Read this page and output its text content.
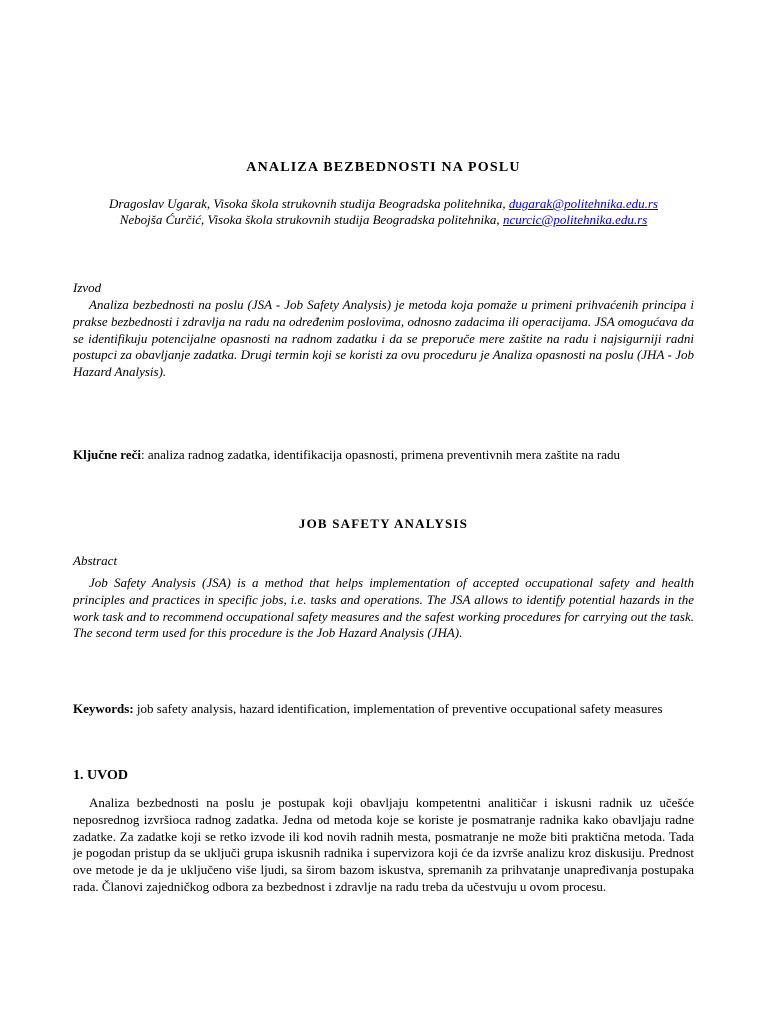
ANALIZA BEZBEDNOSTI NA POSLU
Dragoslav Ugarak, Visoka škola strukovnih studija Beogradska politehnika, dugarak@politehnika.edu.rs
Nebojša Ćurčić, Visoka škola strukovnih studija Beogradska politehnika, ncurcic@politehnika.edu.rs
Izvod
Analiza bezbednosti na poslu (JSA - Job Safety Analysis) je metoda koja pomaže u primeni prihvaćenih principa i prakse bezbednosti i zdravlja na radu na određenim poslovima, odnosno zadacima ili operacijama. JSA omogućava da se identifikuju potencijalne opasnosti na radnom zadatku i da se preporuče mere zaštite na radu i najsigurniji radni postupci za obavljanje zadatka. Drugi termin koji se koristi za ovu proceduru je Analiza opasnosti na poslu (JHA - Job Hazard Analysis).
Ključne reči: analiza radnog zadatka, identifikacija opasnosti, primena preventivnih mera zaštite na radu
JOB SAFETY ANALYSIS
Abstract
Job Safety Analysis (JSA) is a method that helps implementation of accepted occupational safety and health principles and practices in specific jobs, i.e. tasks and operations. The JSA allows to identify potential hazards in the work task and to recommend occupational safety measures and the safest working procedures for carrying out the task. The second term used for this procedure is the Job Hazard Analysis (JHA).
Keywords: job safety analysis, hazard identification, implementation of preventive occupational safety measures
1. UVOD
Analiza bezbednosti na poslu je postupak koji obavljaju kompetentni analitičar i iskusni radnik uz učešće neposrednog izvršioca radnog zadatka. Jedna od metoda koje se koriste je posmatranje radnika kako obavljaju radne zadatke. Za zadatke koji se retko izvode ili kod novih radnih mesta, posmatranje ne može biti praktična metoda. Tada je pogodan pristup da se uključi grupa iskusnih radnika i supervizora koji će da izvrše analizu kroz diskusiju. Prednost ove metode je da je uključeno više ljudi, sa širom bazom iskustva, spremanih za prihvatanje unapređivanja postupaka rada. Članovi zajedničkog odbora za bezbednost i zdravlje na radu treba da učestvuju u ovom procesu.
